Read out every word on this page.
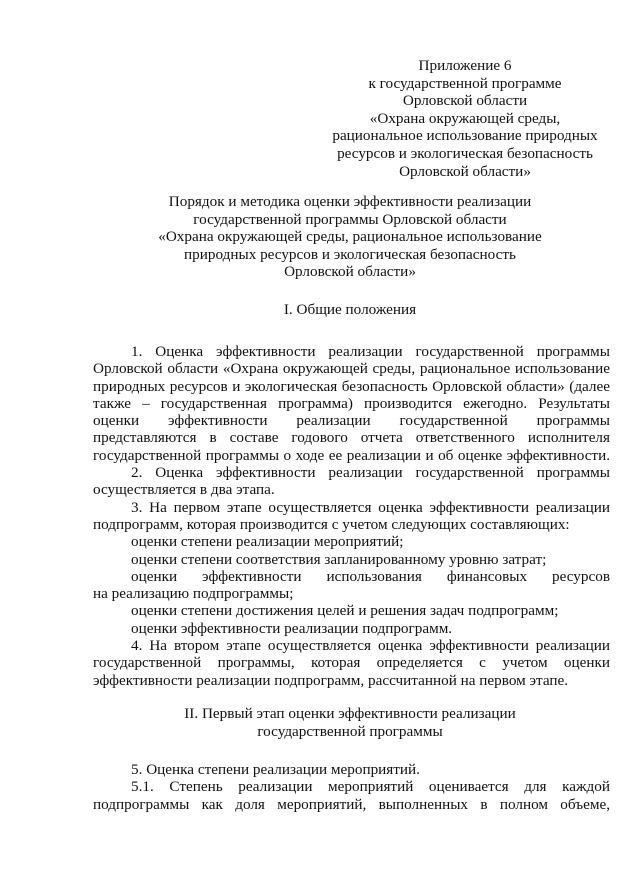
Приложение 6
к государственной программе
Орловской области
«Охрана окружающей среды,
рациональное использование природных
ресурсов и экологическая безопасность
Орловской области»
Порядок и методика оценки эффективности реализации
государственной программы Орловской области
«Охрана окружающей среды, рациональное использование
природных ресурсов и экологическая безопасность
Орловской области»
I. Общие положения
1. Оценка эффективности реализации государственной программы
Орловской области «Охрана окружающей среды, рациональное использование
природных ресурсов и экологическая безопасность Орловской области» (далее
также – государственная программа) производится ежегодно. Результаты
оценки эффективности реализации государственной программы
представляются в составе годового отчета ответственного исполнителя
государственной программы о ходе ее реализации и об оценке эффективности.
2. Оценка эффективности реализации государственной программы
осуществляется в два этапа.
3. На первом этапе осуществляется оценка эффективности реализации
подпрограмм, которая производится с учетом следующих составляющих:
оценки степени реализации мероприятий;
оценки степени соответствия запланированному уровню затрат;
оценки эффективности использования финансовых ресурсов
на реализацию подпрограммы;
оценки степени достижения целей и решения задач подпрограмм;
оценки эффективности реализации подпрограмм.
4. На втором этапе осуществляется оценка эффективности реализации
государственной программы, которая определяется с учетом оценки
эффективности реализации подпрограмм, рассчитанной на первом этапе.
II. Первый этап оценки эффективности реализации
государственной программы
5. Оценка степени реализации мероприятий.
5.1. Степень реализации мероприятий оценивается для каждой
подпрограммы как доля мероприятий, выполненных в полном объеме,
